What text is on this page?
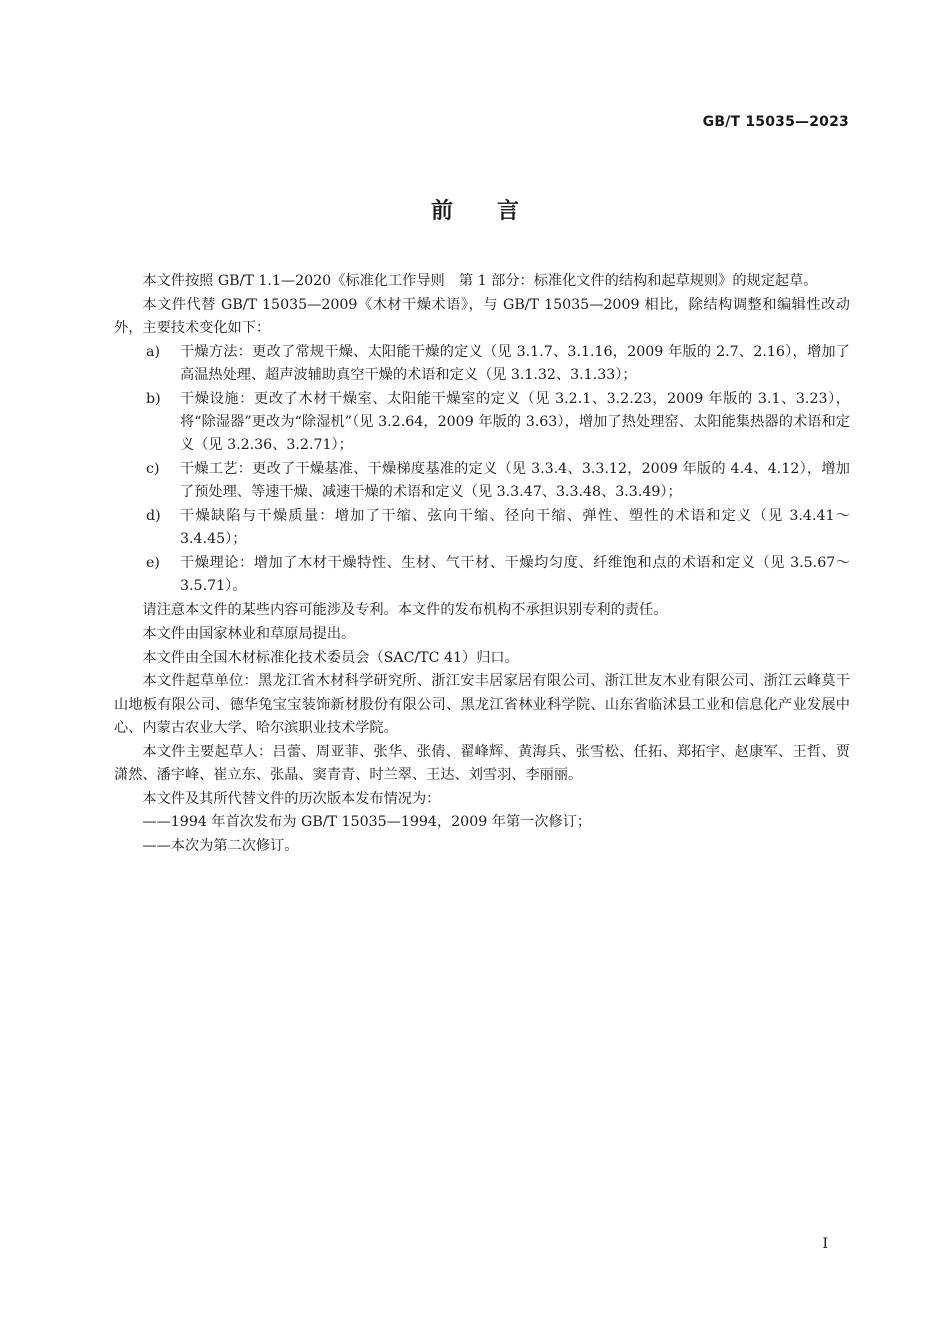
GB/T 15035—2023
前言

本文件按照 GB/T 1.1—2020《标准化工作导则　第 1 部分：标准化文件的结构和起草规则》的规定起草。

本文件代替 GB/T 15035—2009《木材干燥术语》，与 GB/T 15035—2009 相比，除结构调整和编辑性改动外，主要技术变化如下：

a) 干燥方法：更改了常规干燥、太阳能干燥的定义（见 3.1.7、3.1.16，2009 年版的 2.7、2.16），增加了高温热处理、超声波辅助真空干燥的术语和定义（见 3.1.32、3.1.33）；
b) 干燥设施：更改了木材干燥室、太阳能干燥室的定义（见 3.2.1、3.2.23，2009 年版的 3.1、3.23），将“除湿器”更改为“除湿机”（见 3.2.64，2009 年版的 3.63），增加了热处理窑、太阳能集热器的术语和定义（见 3.2.36、3.2.71）；
c) 干燥工艺：更改了干燥基准、干燥梯度基准的定义（见 3.3.4、3.3.12，2009 年版的 4.4、4.12），增加了预处理、等速干燥、减速干燥的术语和定义（见 3.3.47、3.3.48、3.3.49）；
d) 干燥缺陷与干燥质量：增加了干缩、弦向干缩、径向干缩、弹性、塑性的术语和定义（见 3.4.41～3.4.45）；
e) 干燥理论：增加了木材干燥特性、生材、气干材、干燥均匀度、纤维饱和点的术语和定义（见 3.5.67～3.5.71）。

请注意本文件的某些内容可能涉及专利。本文件的发布机构不承担识别专利的责任。

本文件由国家林业和草原局提出。

本文件由全国木材标准化技术委员会（SAC/TC 41）归口。

本文件起草单位：黑龙江省木材科学研究所、浙江安丰居家居有限公司、浙江世友木业有限公司、浙江云峰莫干山地板有限公司、德华兔宝宝装饰新材股份有限公司、黑龙江省林业科学院、山东省临沭县工业和信息化产业发展中心、内蒙古农业大学、哈尔滨职业技术学院。

本文件主要起草人：吕蕾、周亚菲、张华、张倩、翟峰辉、黄海兵、张雪松、任拓、郑拓宇、赵康军、王哲、贾潇然、潘宇峰、崔立东、张晶、窦青青、时兰翠、王达、刘雪羽、李丽丽。

本文件及其所代替文件的历次版本发布情况为：

——1994 年首次发布为 GB/T 15035—1994，2009 年第一次修订；
——本次为第二次修订。
I
